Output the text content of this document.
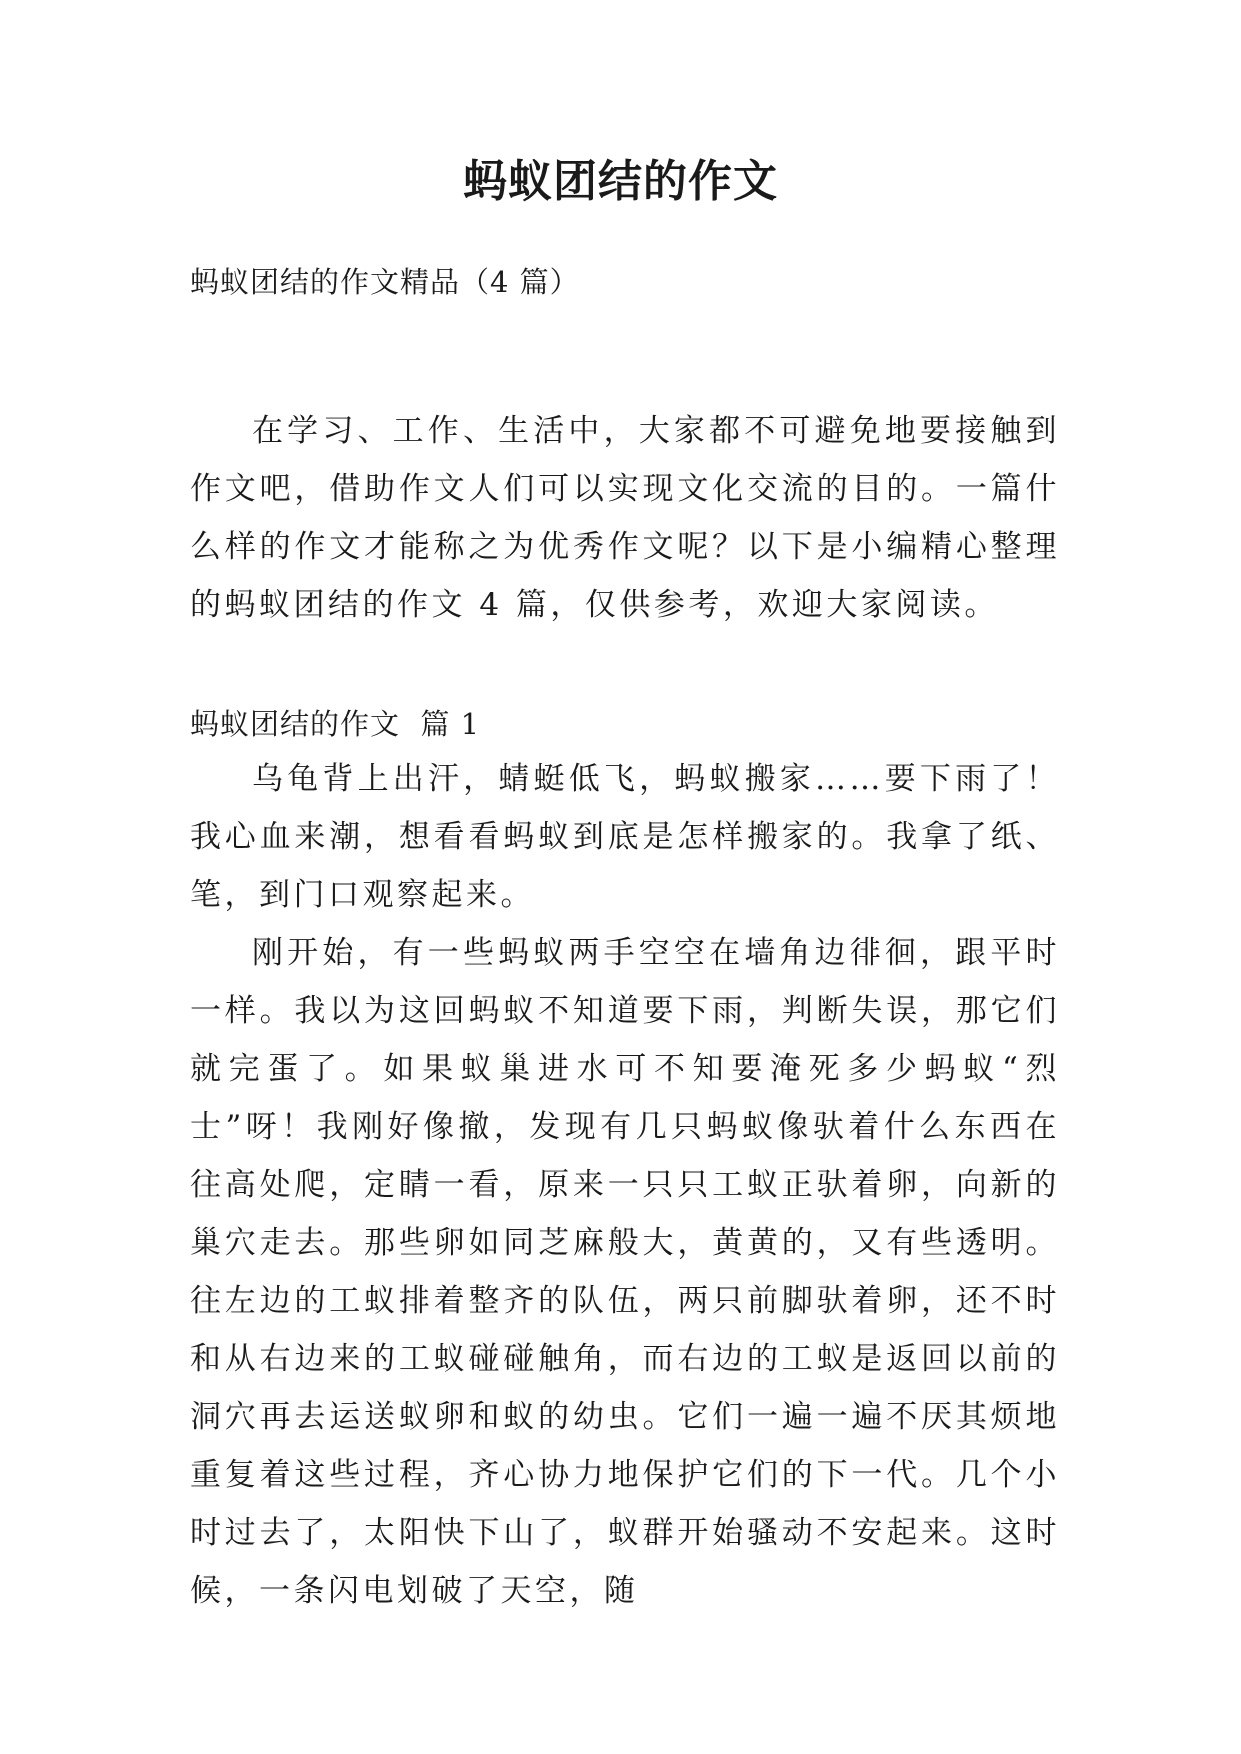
蚂蚁团结的作文
蚂蚁团结的作文精品（4 篇）

在学习、工作、生活中，大家都不可避免地要接触到作文吧，借助作文人们可以实现文化交流的目的。一篇什么样的作文才能称之为优秀作文呢？以下是小编精心整理的蚂蚁团结的作文 4 篇，仅供参考，欢迎大家阅读。

蚂蚁团结的作文  篇 1

乌龟背上出汗，蜻蜓低飞，蚂蚁搬家……要下雨了！我心血来潮，想看看蚂蚁到底是怎样搬家的。我拿了纸、笔，到门口观察起来。

刚开始，有一些蚂蚁两手空空在墙角边徘徊，跟平时一样。我以为这回蚂蚁不知道要下雨，判断失误，那它们就完蛋了。如果蚁巢进水可不知要淹死多少蚂蚁“烈士”呀！我刚好像撤，发现有几只蚂蚁像驮着什么东西在往高处爬，定睛一看，原来一只只工蚁正驮着卵，向新的巢穴走去。那些卵如同芝麻般大，黄黄的，又有些透明。往左边的工蚁排着整齐的队伍，两只前脚驮着卵，还不时和从右边来的工蚁碰碰触角，而右边的工蚁是返回以前的洞穴再去运送蚁卵和蚁的幼虫。它们一遍一遍不厌其烦地重复着这些过程，齐心协力地保护它们的下一代。几个小时过去了，太阳快下山了，蚁群开始骚动不安起来。这时候，一条闪电划破了天空，随
